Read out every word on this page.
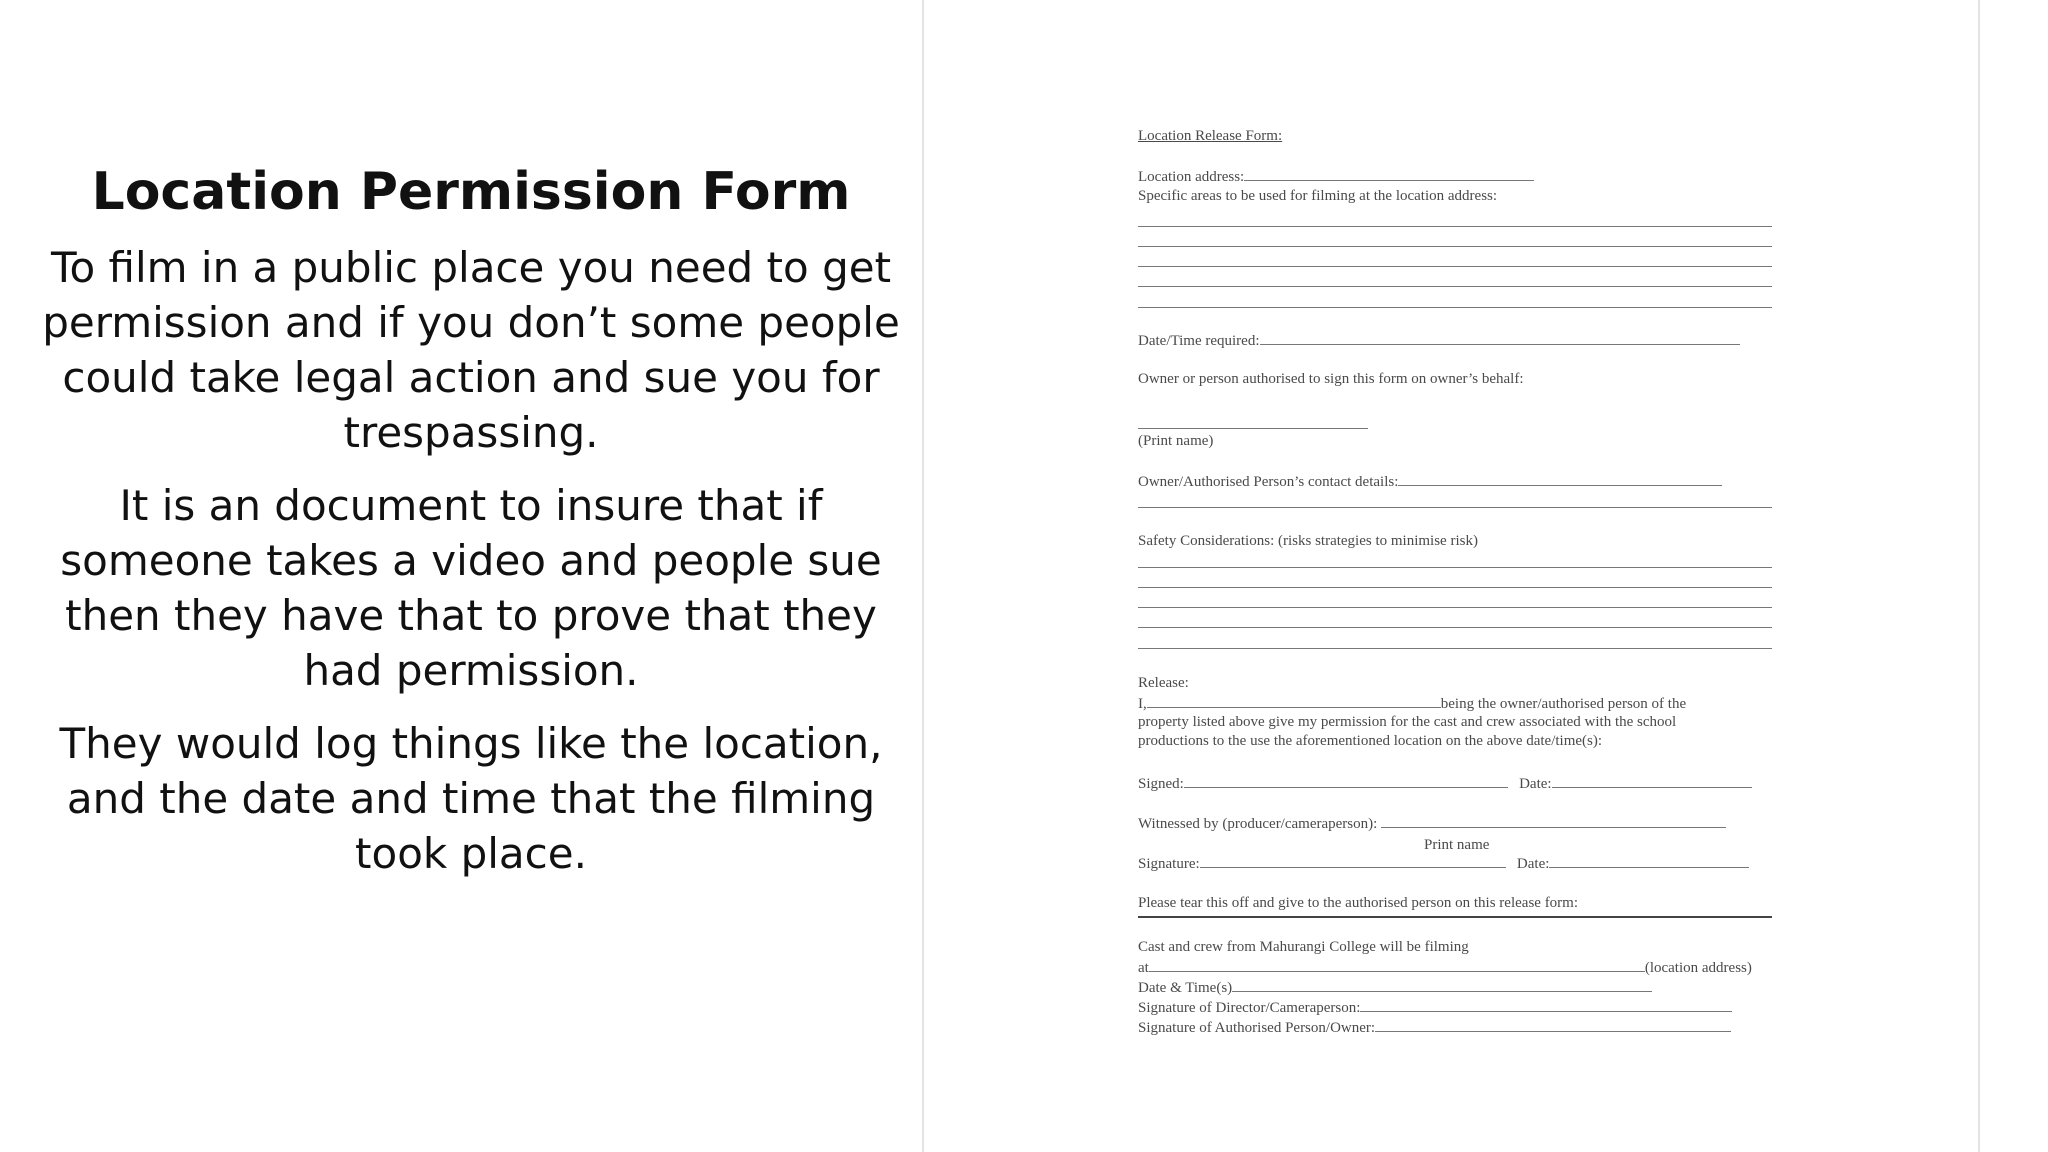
Location Permission Form

To film in a public place you need to get permission and if you don’t some people could take legal action and sue you for trespassing.

It is an document to insure that if someone takes a video and people sue then they have that to prove that they had permission.

They would log things like the location, and the date and time that the filming took place.

Location Release Form:
Location address:
Specific areas to be used for filming at the location address:
Date/Time required:
Owner or person authorised to sign this form on owner’s behalf:
(Print name)
Owner/Authorised Person’s contact details:
Safety Considerations: (risks strategies to minimise risk)
Release:
I,	being the owner/authorised person of the
property listed above give my permission for the cast and crew associated with the school
productions to the use the aforementioned location on the above date/time(s):
Signed:	Date:
Witnessed by (producer/cameraperson):
Print name
Signature:	Date:
Please tear this off and give to the authorised person on this release form:
Cast and crew from Mahurangi College will be filming
at	(location address)
Date & Time(s)
Signature of Director/Cameraperson:
Signature of Authorised Person/Owner:
